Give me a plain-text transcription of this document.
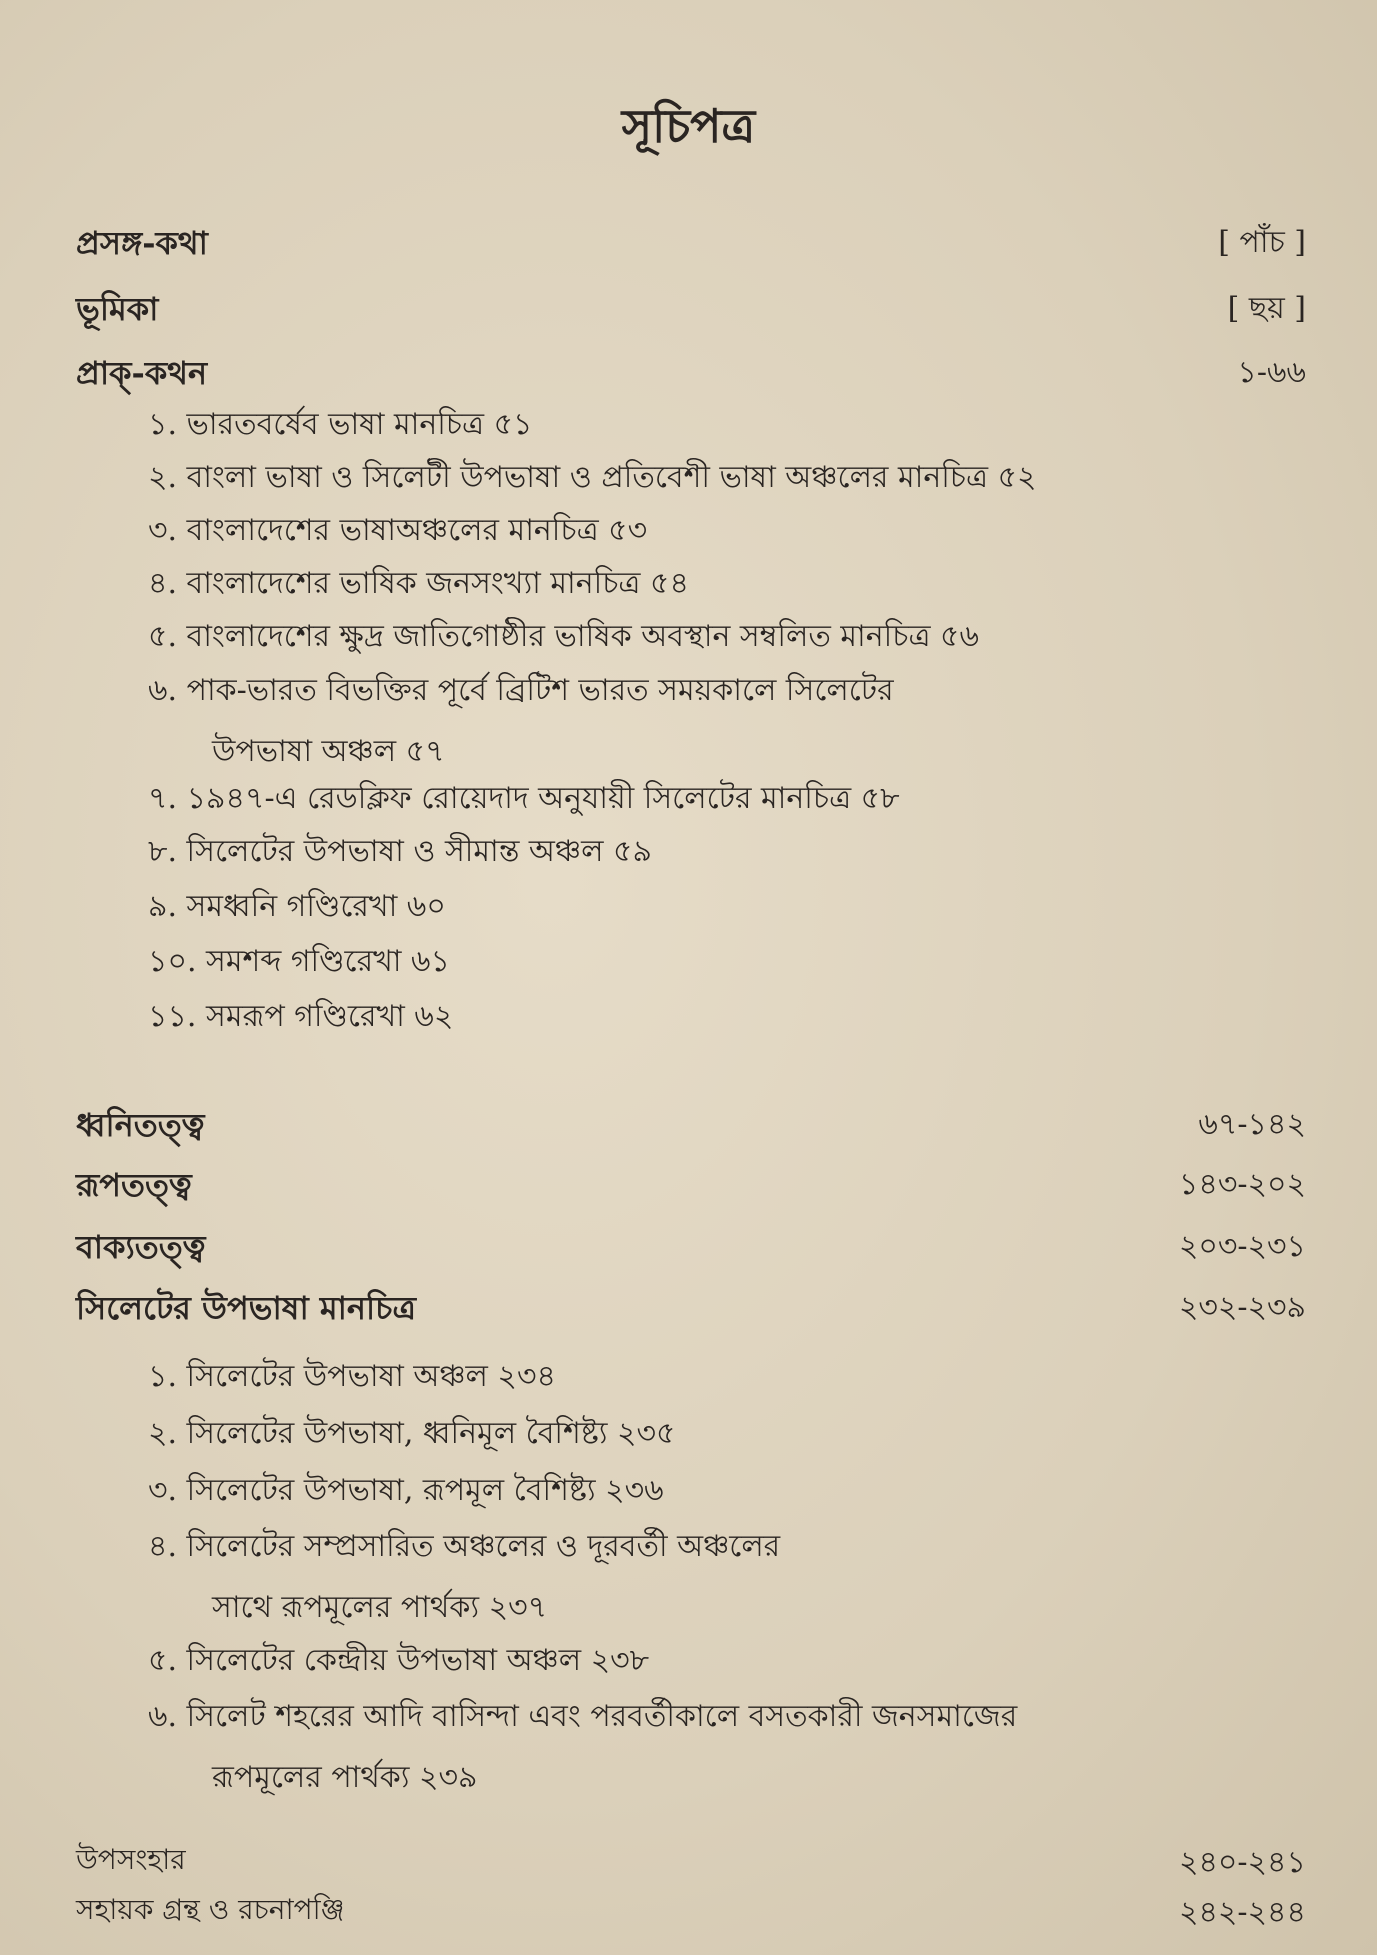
সূচিপত্র
প্রসঙ্গ-কথা	[ পাঁচ ]
ভূমিকা	[ ছয় ]
প্রাক্-কথন	১-৬৬
১. ভারতবর্ষেব ভাষা মানচিত্র ৫১
২. বাংলা ভাষা ও সিলেটী উপভাষা ও প্রতিবেশী ভাষা অঞ্চলের মানচিত্র ৫২
৩. বাংলাদেশের ভাষাঅঞ্চলের মানচিত্র ৫৩
৪. বাংলাদেশের ভাষিক জনসংখ্যা মানচিত্র ৫৪
৫. বাংলাদেশের ক্ষুদ্র জাতিগোষ্ঠীর ভাষিক অবস্থান সম্বলিত মানচিত্র ৫৬
৬. পাক-ভারত বিভক্তির পূর্বে ব্রিটিশ ভারত সময়কালে সিলেটের
উপভাষা অঞ্চল ৫৭
৭. ১৯৪৭-এ রেডক্লিফ রোয়েদাদ অনুযায়ী সিলেটের মানচিত্র ৫৮
৮. সিলেটের উপভাষা ও সীমান্ত অঞ্চল ৫৯
৯. সমধ্বনি গণ্ডিরেখা ৬০
১০. সমশব্দ গণ্ডিরেখা ৬১
১১. সমরূপ গণ্ডিরেখা ৬২
ধ্বনিতত্ত্ব	৬৭-১৪২
রূপতত্ত্ব	১৪৩-২০২
বাক্যতত্ত্ব	২০৩-২৩১
সিলেটের উপভাষা মানচিত্র	২৩২-২৩৯
১. সিলেটের উপভাষা অঞ্চল ২৩৪
২. সিলেটের উপভাষা, ধ্বনিমূল বৈশিষ্ট্য ২৩৫
৩. সিলেটের উপভাষা, রূপমূল বৈশিষ্ট্য ২৩৬
৪. সিলেটের সম্প্রসারিত অঞ্চলের ও দূরবর্তী অঞ্চলের
সাথে রূপমূলের পার্থক্য ২৩৭
৫. সিলেটের কেন্দ্রীয় উপভাষা অঞ্চল ২৩৮
৬. সিলেট শহরের আদি বাসিন্দা এবং পরবর্তীকালে বসতকারী জনসমাজের
রূপমূলের পার্থক্য ২৩৯
উপসংহার	২৪০-২৪১
সহায়ক গ্রন্থ ও রচনাপঞ্জি	২৪২-২৪৪
